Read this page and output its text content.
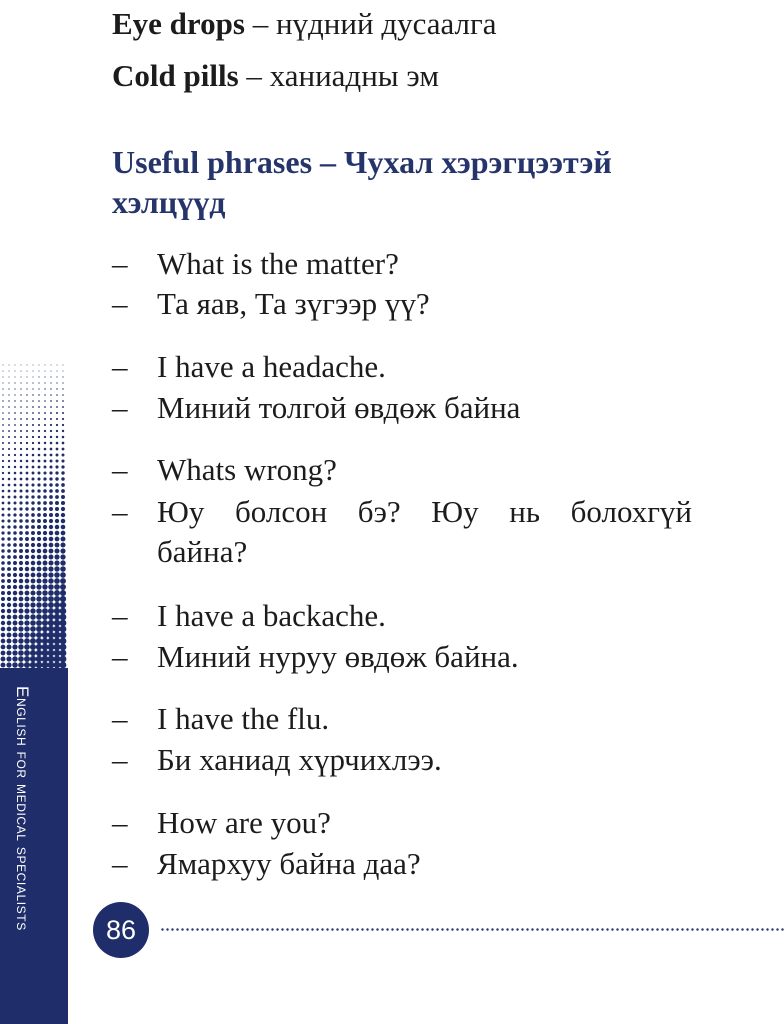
English for medical specialists
Eye drops – нүдний дусаалга
Cold pills – ханиадны эм
Useful phrases – Чухал хэрэгцээтэй
хэлцүүд
– What is the matter?
– Та яав, Та зүгээр үү?
– I have a headache.
– Миний толгой өвдөж байна
– Whats wrong?
– Юу болсон бэ? Юу нь болохгүй
байна?
– I have a backache.
– Миний нуруу өвдөж байна.
– I have the flu.
– Би ханиад хүрчихлээ.
– How are you?
– Ямархуу байна даа?
86
